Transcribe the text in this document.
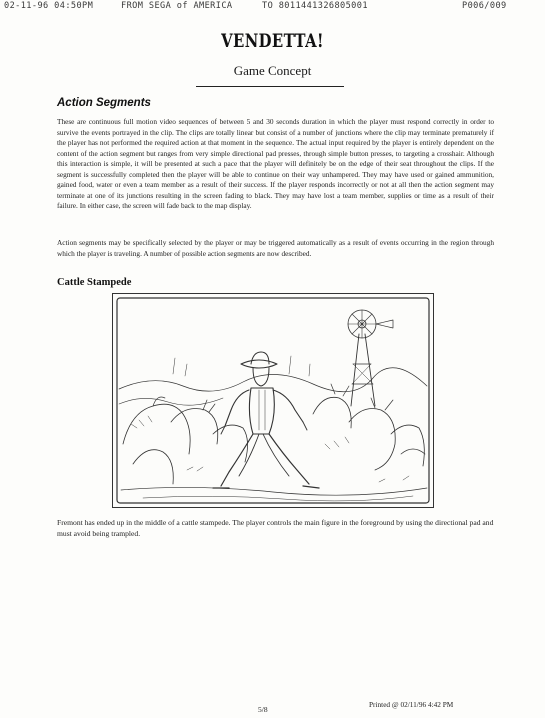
02-11-96 04:50PM	FROM SEGA of AMERICA	TO 8011441326805001	P006/009
VENDETTA!
Game Concept
Action Segments

These are continuous full motion video sequences of between 5 and 30 seconds duration in which the player must respond correctly in order to survive the events portrayed in the clip. The clips are totally linear but consist of a number of junctions where the clip may terminate prematurely if the player has not performed the required action at that moment in the sequence. The actual input required by the player is entirely dependent on the content of the action segment but ranges from very simple directional pad presses, through simple button presses, to targeting a crosshair. Although this interaction is simple, it will be presented at such a pace that the player will definitely be on the edge of their seat throughout the clips. If the segment is successfully completed then the player will be able to continue on their way unhampered. They may have used or gained ammunition, gained food, water or even a team member as a result of their success. If the player responds incorrectly or not at all then the action segment may terminate at one of its junctions resulting in the screen fading to black. They may have lost a team member, supplies or time as a result of their failure. In either case, the screen will fade back to the map display.

Action segments may be specifically selected by the player or may be triggered automatically as a result of events occurring in the region through which the player is traveling. A number of possible action segments are now described.

Cattle Stampede

Fremont has ended up in the middle of a cattle stampede. The player controls the main figure in the foreground by using the directional pad and must avoid being trampled.

5/8
Printed @ 02/11/96 4:42 PM
